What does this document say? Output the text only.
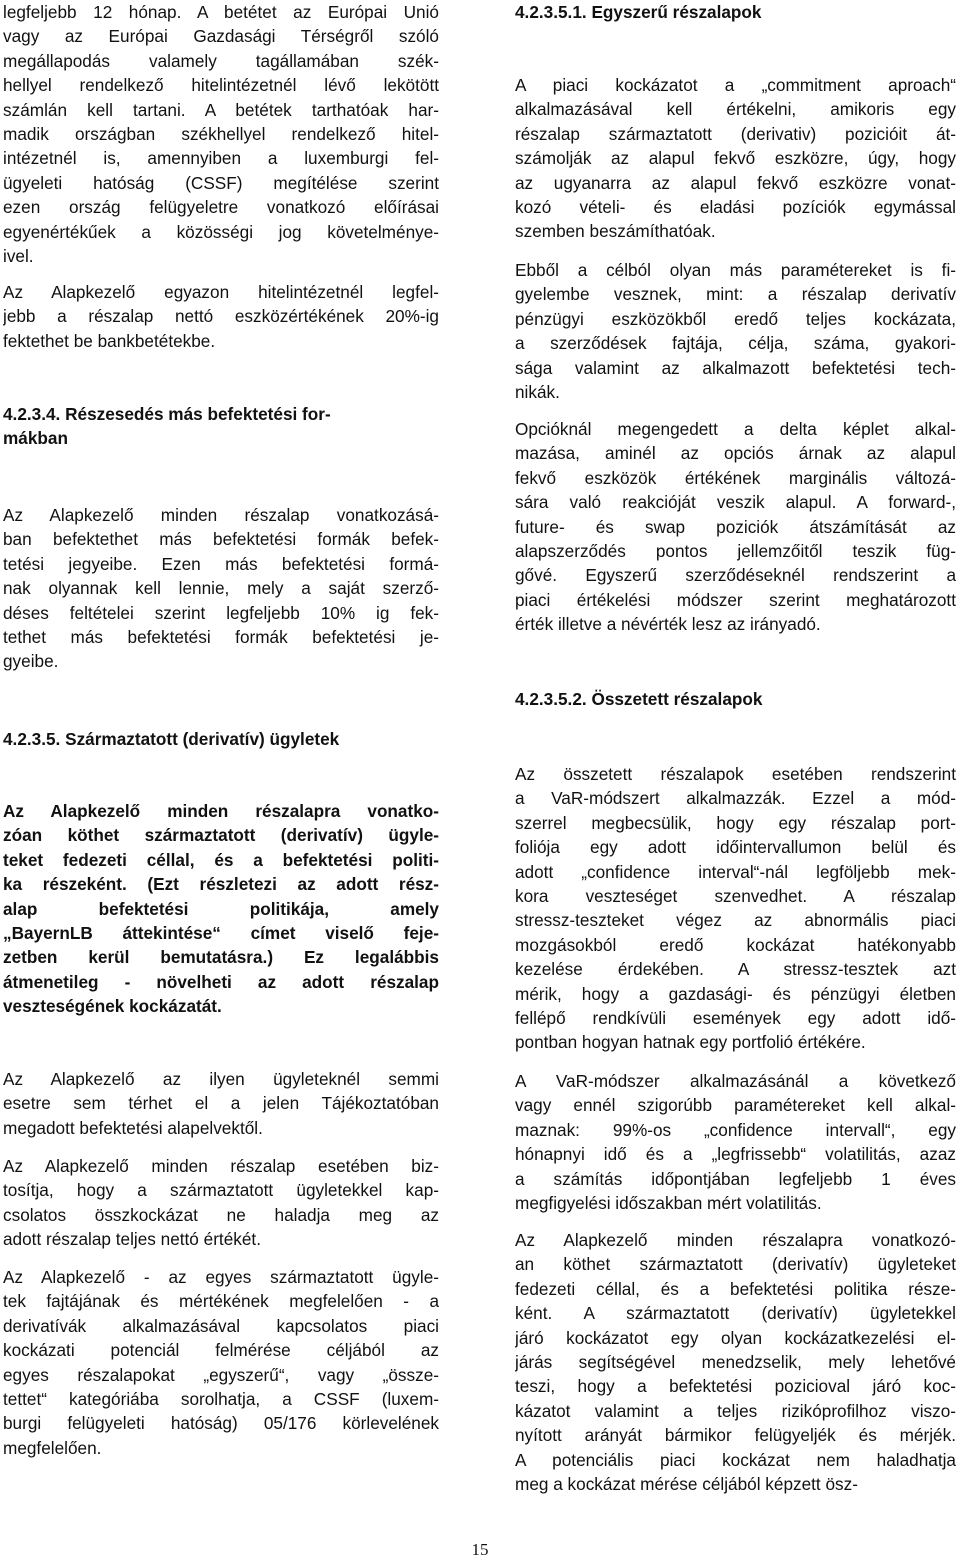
legfeljebb 12 hónap. A betétet az Európai Unió
vagy az Európai Gazdasági Térségről szóló
megállapodás valamely tagállamában szék-
hellyel rendelkező hitelintézetnél lévő lekötött
számlán kell tartani. A betétek tarthatóak har-
madik országban székhellyel rendelkező hitel-
intézetnél is, amennyiben a luxemburgi fel-
ügyeleti hatóság (CSSF) megítélése szerint
ezen ország felügyeletre vonatkozó előírásai
egyenértékűek a közösségi jog követelménye-
ivel.
Az Alapkezelő egyazon hitelintézetnél legfel-
jebb a részalap nettó eszközértékének 20%-ig
fektethet be bankbetétekbe.
4.2.3.4. Részesedés más befektetési for-
mákban
Az Alapkezelő minden részalap vonatkozásá-
ban befektethet más befektetési formák befek-
tetési jegyeibe. Ezen más befektetési formá-
nak olyannak kell lennie, mely a saját szerző-
déses feltételei szerint legfeljebb 10% ig fek-
tethet más befektetési formák befektetési je-
gyeibe.
4.2.3.5. Származtatott (derivatív) ügyletek
Az Alapkezelő minden részalapra vonatko-
zóan köthet származtatott (derivatív) ügyle-
teket fedezeti céllal, és a befektetési politi-
ka részeként. (Ezt részletezi az adott rész-
alap befektetési politikája, amely
„BayernLB áttekintése“ címet viselő feje-
zetben kerül bemutatásra.) Ez legalábbis
átmenetileg - növelheti az adott részalap
veszteségének kockázatát.
Az Alapkezelő az ilyen ügyleteknél semmi
esetre sem térhet el a jelen Tájékoztatóban
megadott befektetési alapelvektől.
Az Alapkezelő minden részalap esetében biz-
tosítja, hogy a származtatott ügyletekkel kap-
csolatos összkockázat ne haladja meg az
adott részalap teljes nettó értékét.
Az Alapkezelő - az egyes származtatott ügyle-
tek fajtájának és mértékének megfelelően - a
derivatívák alkalmazásával kapcsolatos piaci
kockázati potenciál felmérése céljából az
egyes részalapokat „egyszerű“, vagy „össze-
tettet“ kategóriába sorolhatja, a CSSF (luxem-
burgi felügyeleti hatóság) 05/176 körlevelének
megfelelően.
4.2.3.5.1. Egyszerű részalapok
A piaci kockázatot a „commitment aproach“
alkalmazásával kell értékelni, amikoris egy
részalap származtatott (derivativ) pozicióit át-
számolják az alapul fekvő eszközre, úgy, hogy
az ugyanarra az alapul fekvő eszközre vonat-
kozó vételi- és eladási pozíciók egymással
szemben beszámíthatóak.
Ebből a célból olyan más paramétereket is fi-
gyelembe vesznek, mint: a részalap derivatív
pénzügyi eszközökből eredő teljes kockázata,
a szerződések fajtája, célja, száma, gyakori-
sága valamint az alkalmazott befektetési tech-
nikák.
Opcióknál megengedett a delta képlet alkal-
mazása, aminél az opciós árnak az alapul
fekvő eszközök értékének marginális változá-
sára való reakcióját veszik alapul. A forward-,
future- és swap poziciók átszámítását az
alapszerződés pontos jellemzőitől teszik füg-
gővé. Egyszerű szerződéseknél rendszerint a
piaci értékelési módszer szerint meghatározott
érték illetve a névérték lesz az irányadó.
4.2.3.5.2. Összetett részalapok
Az összetett részalapok esetében rendszerint
a VaR-módszert alkalmazzák. Ezzel a mód-
szerrel megbecsülik, hogy egy részalap port-
foliója egy adott időintervallumon belül és
adott „confidence interval“-nál legföljebb mek-
kora veszteséget szenvedhet. A részalap
stressz-teszteket végez az abnormális piaci
mozgásokból eredő kockázat hatékonyabb
kezelése érdekében. A stressz-tesztek azt
mérik, hogy a gazdasági- és pénzügyi életben
fellépő rendkívüli események egy adott idő-
pontban hogyan hatnak egy portfolió értékére.
A VaR-módszer alkalmazásánál a következő
vagy ennél szigorúbb paramétereket kell alkal-
maznak: 99%-os „confidence intervall“, egy
hónapnyi idő és a „legfrissebb“ volatilitás, azaz
a számítás időpontjában legfeljebb 1 éves
megfigyelési időszakban mért volatilitás.
Az Alapkezelő minden részalapra vonatkozó-
an köthet származtatott (derivatív) ügyleteket
fedezeti céllal, és a befektetési politika része-
ként. A származtatott (derivatív) ügyletekkel
járó kockázatot egy olyan kockázatkezelési el-
járás segítségével menedzselik, mely lehetővé
teszi, hogy a befektetési pozicioval járó koc-
kázatot valamint a teljes rizikóprofilhoz viszo-
nyított arányát bármikor felügyeljék és mérjék.
A potenciális piaci kockázat nem haladhatja
meg a kockázat mérése céljából képzett ösz-
15
